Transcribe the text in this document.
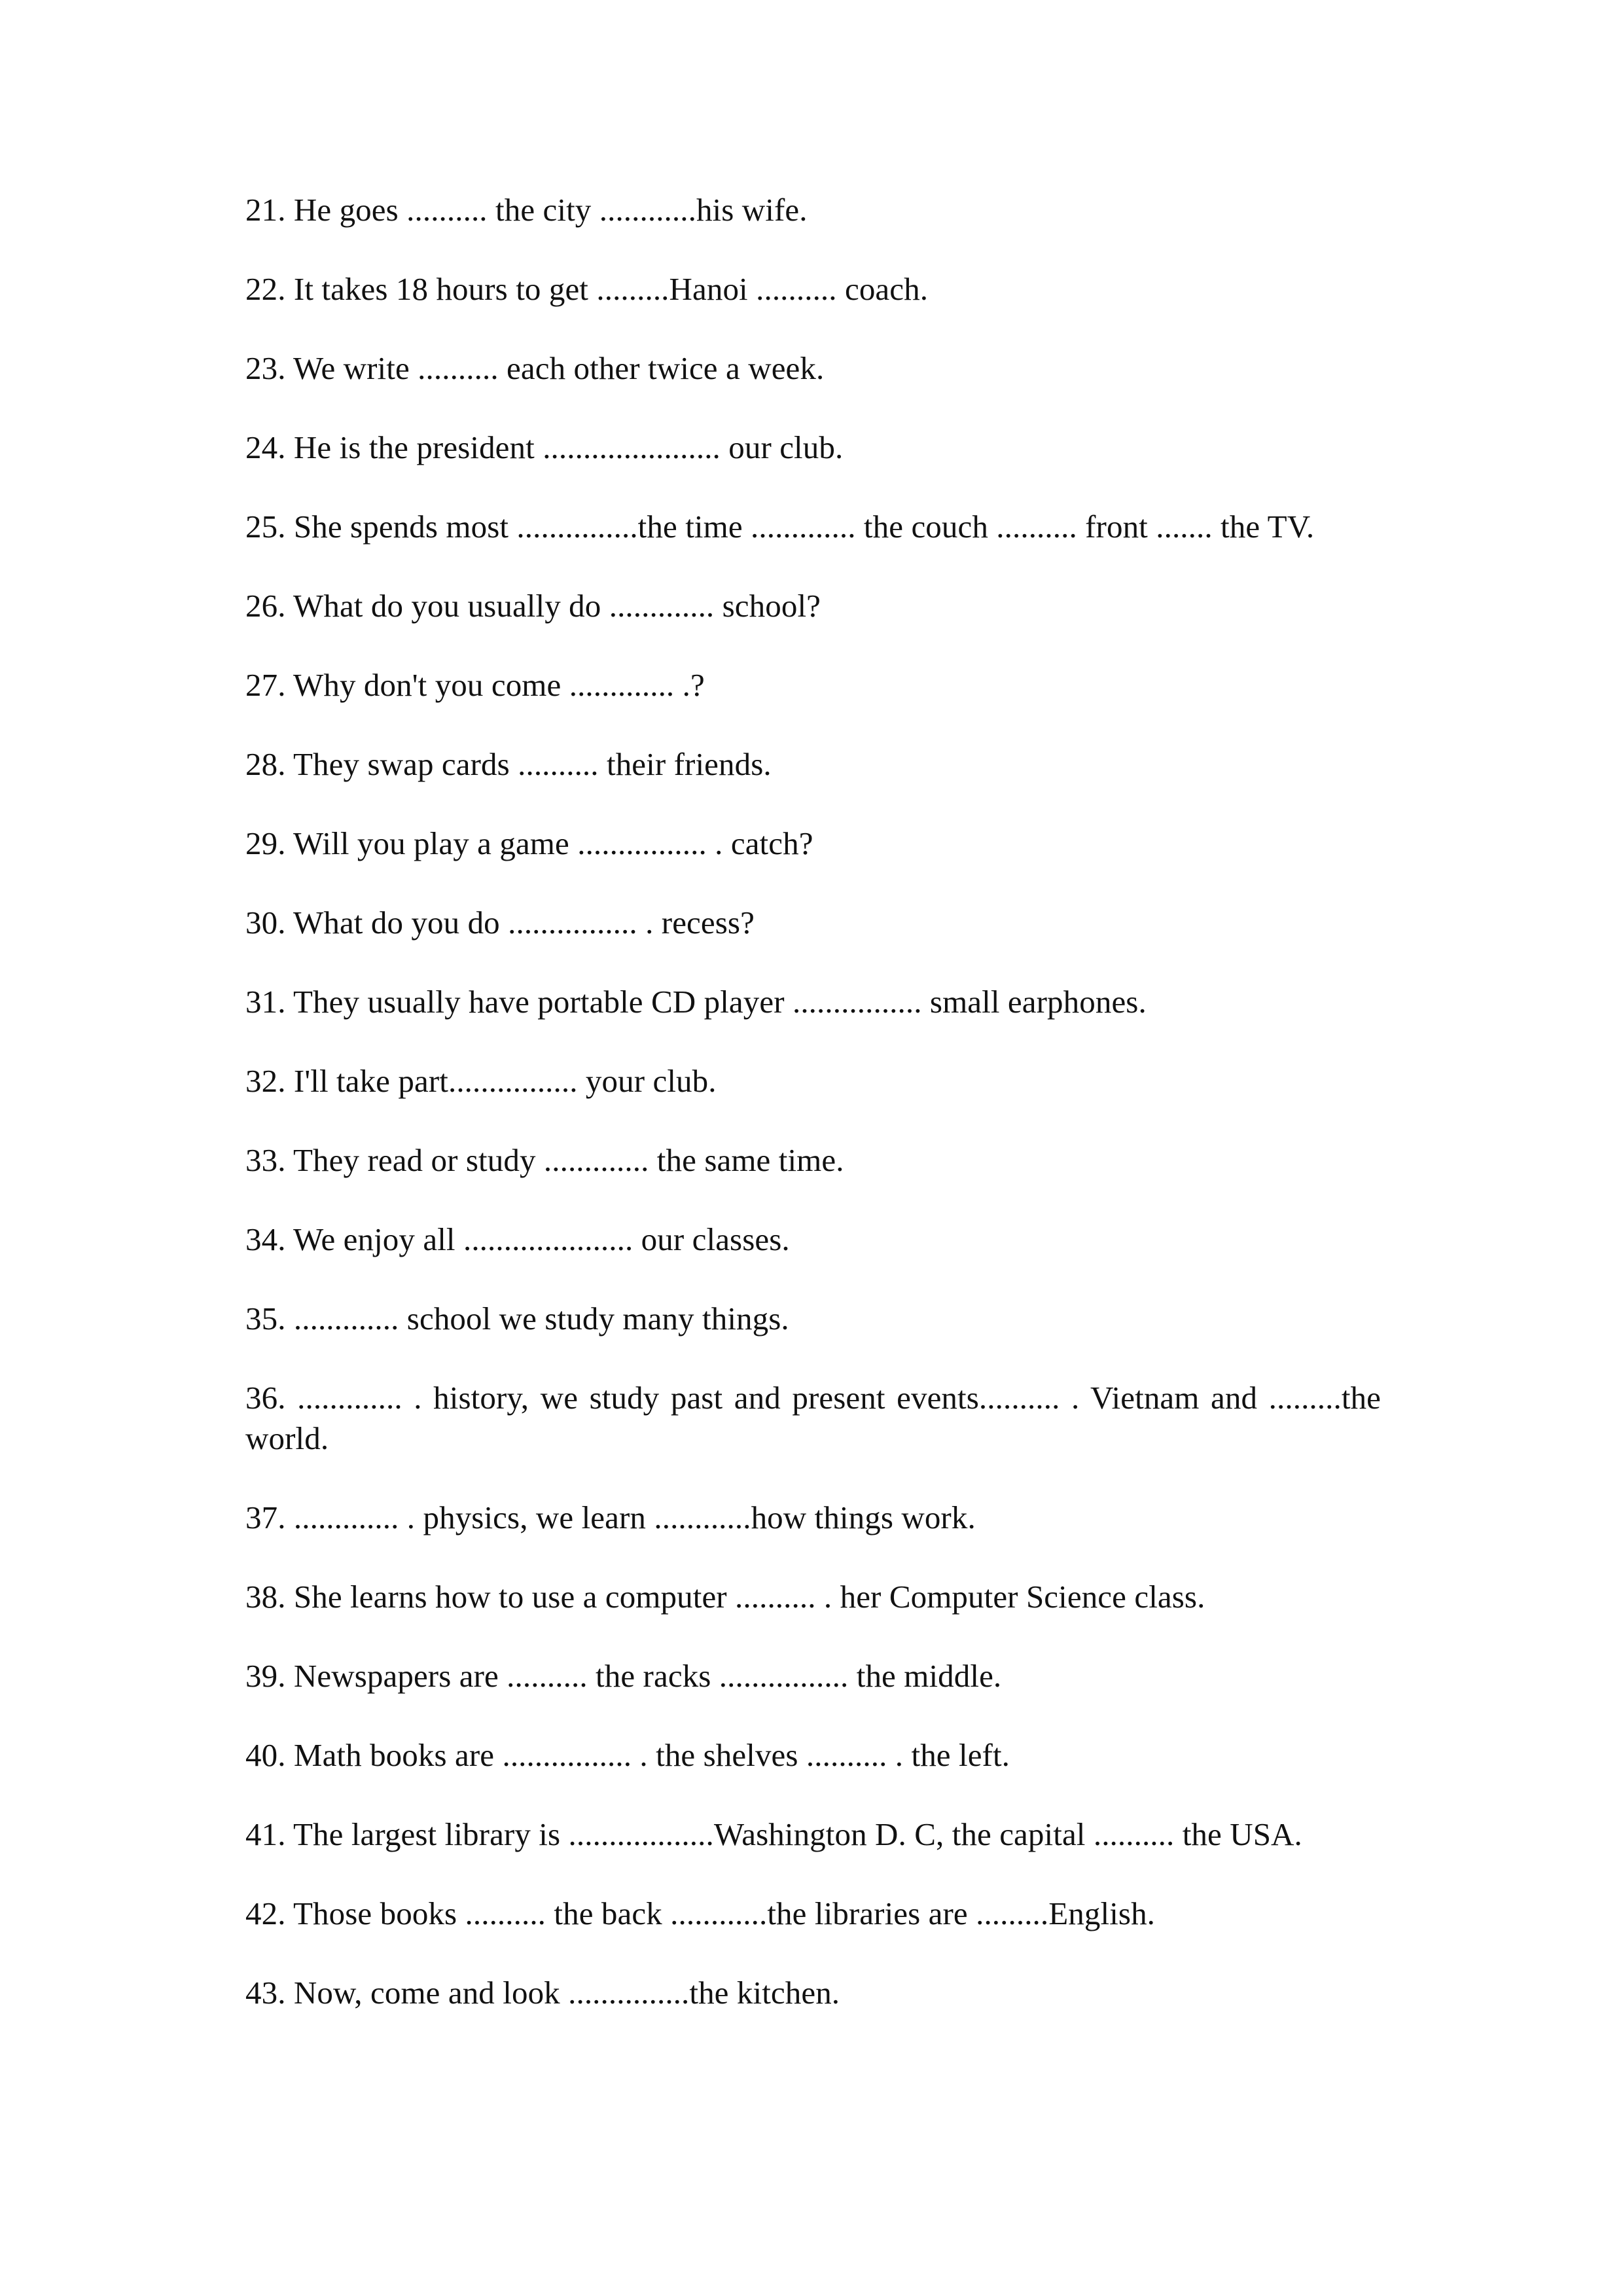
21. He goes .......... the city ............his wife.

22. It takes 18 hours to get .........Hanoi .......... coach.

23. We write .......... each other twice a week.

24. He is the president ...................... our club.

25. She spends most ...............the time ............. the couch .......... front ....... the TV.

26. What do you usually do ............. school?

27. Why don't you come ............. .?

28. They swap cards .......... their friends.

29. Will you play a game ................ . catch?

30. What do you do ................ . recess?

31. They usually have portable CD player ................ small earphones.

32. I'll take part................ your club.

33. They read or study ............. the same time.

34. We enjoy all ..................... our classes.

35. ............. school we study many things.

36. ............. . history, we study past and present events.......... . Vietnam and .........the world.

37. ............. . physics, we learn ............how things work.

38. She learns how to use a computer .......... . her Computer Science class.

39. Newspapers are .......... the racks ................ the middle.

40. Math books are ................ . the shelves .......... . the left.

41. The largest library is ..................Washington D. C, the capital .......... the USA.

42. Those books .......... the back ............the libraries are .........English.

43. Now, come and look ...............the kitchen.
